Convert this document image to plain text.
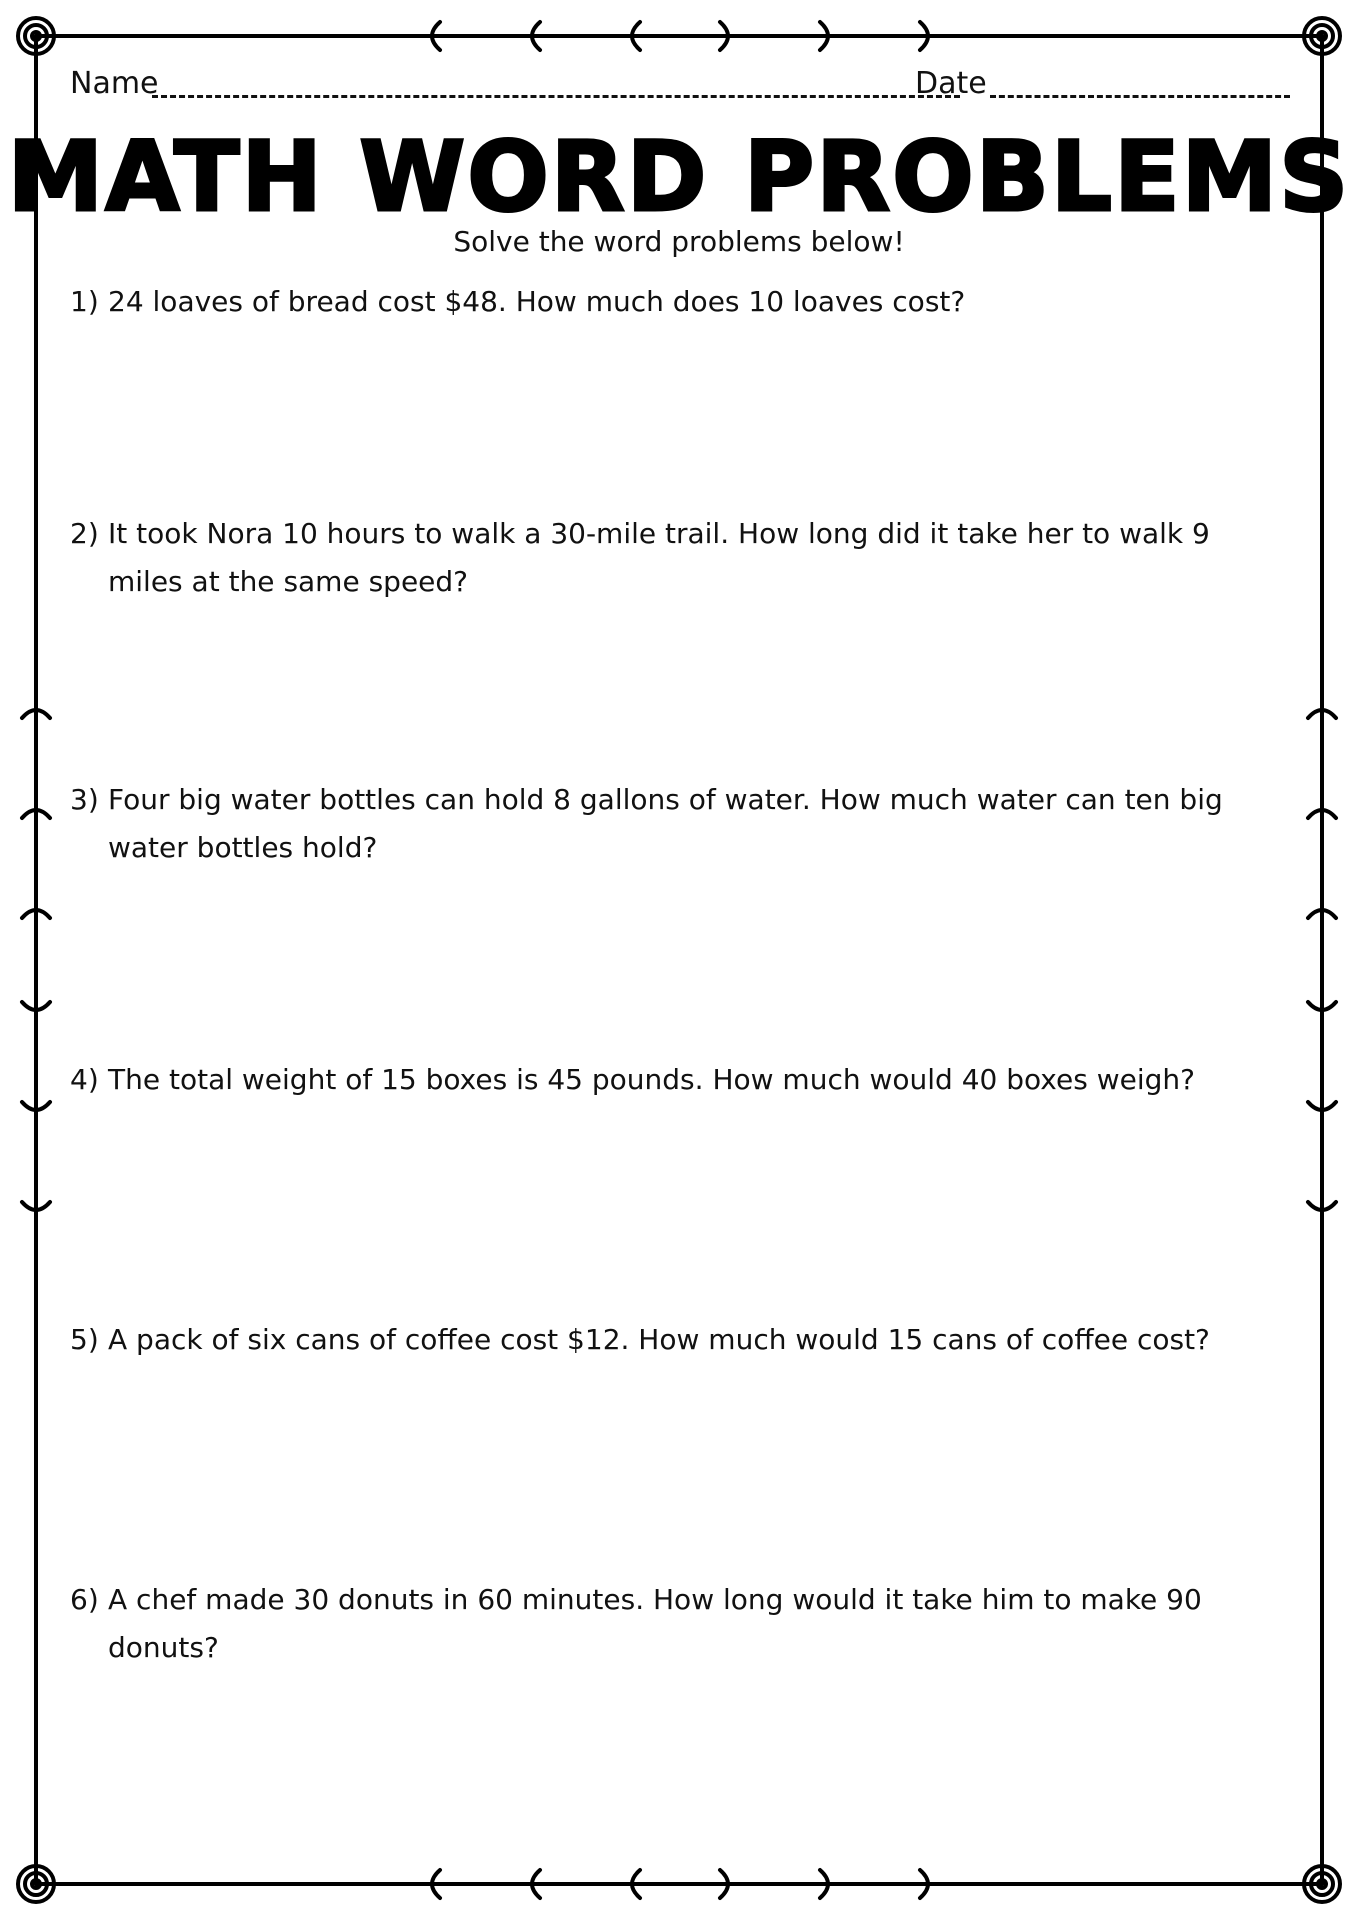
Name	Date
MATH WORD PROBLEMS
Solve the word problems below!
1) 24 loaves of bread cost $48. How much does 10 loaves cost?
2) It took Nora 10 hours to walk a 30-mile trail. How long did it take her to walk 9 miles at the same speed?
3) Four big water bottles can hold 8 gallons of water. How much water can ten big water bottles hold?
4) The total weight of 15 boxes is 45 pounds. How much would 40 boxes weigh?
5) A pack of six cans of coffee cost $12. How much would 15 cans of coffee cost?
6) A chef made 30 donuts in 60 minutes. How long would it take him to make 90 donuts?
